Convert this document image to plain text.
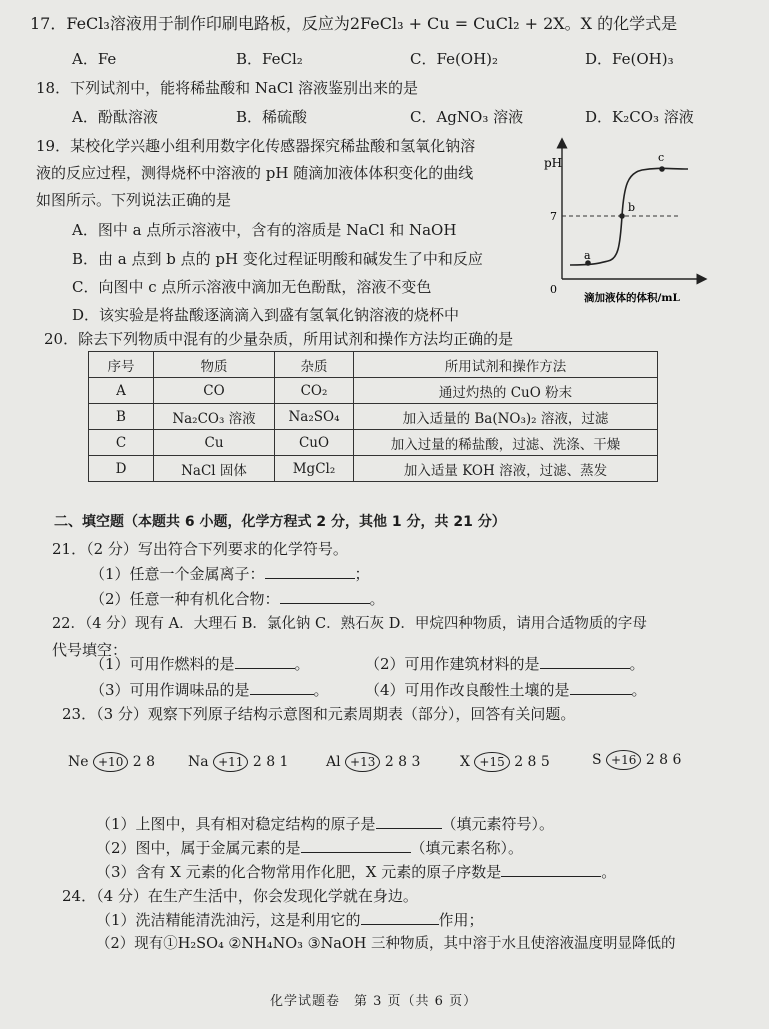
17．FeCl₃溶液用于制作印刷电路板，反应为2FeCl₃ + Cu = CuCl₂ + 2X。X 的化学式是
A．Fe	B．FeCl₂	C．Fe(OH)₂	D．Fe(OH)₃
18．下列试剂中，能将稀盐酸和 NaCl 溶液鉴别出来的是
A．酚酞溶液	B．稀硫酸	C．AgNO₃ 溶液	D．K₂CO₃ 溶液
19．某校化学兴趣小组利用数字化传感器探究稀盐酸和氢氧化钠溶
液的反应过程，测得烧杯中溶液的 pH 随滴加液体体积变化的曲线
如图所示。下列说法正确的是
A．图中 a 点所示溶液中，含有的溶质是 NaCl 和 NaOH
B．由 a 点到 b 点的 pH 变化过程证明酸和碱发生了中和反应
C．向图中 c 点所示溶液中滴加无色酚酞，溶液不变色
D．该实验是将盐酸逐滴滴入到盛有氢氧化钠溶液的烧杯中
pH
7
0
a
b
c
滴加液体的体积/mL
20．除去下列物质中混有的少量杂质，所用试剂和操作方法均正确的是
序号	物质	杂质	所用试剂和操作方法
A	CO	CO₂	通过灼热的 CuO 粉末
B	Na₂CO₃ 溶液	Na₂SO₄	加入适量的 Ba(NO₃)₂ 溶液，过滤
C	Cu	CuO	加入过量的稀盐酸，过滤、洗涤、干燥
D	NaCl 固体	MgCl₂	加入适量 KOH 溶液，过滤、蒸发
二、填空题（本题共 6 小题，化学方程式 2 分，其他 1 分，共 21 分）
21．（2 分）写出符合下列要求的化学符号。
（1）任意一个金属离子：	；
（2）任意一种有机化合物：	。
22．（4 分）现有 A．大理石 B．氯化钠 C．熟石灰 D．甲烷四种物质，请用合适物质的字母
代号填空：
（1）可用作燃料的是	。	（2）可用作建筑材料的是	。
（3）可用作调味品的是	。 （4）可用作改良酸性土壤的是	。
23．（3 分）观察下列原子结构示意图和元素周期表（部分），回答有关问题。
Ne +10 2 8 Na +11 2 8 1	Al +13 2 8 3	X +15 2 8 5	S +16 2 8 6
（1）上图中，具有相对稳定结构的原子是	（填元素符号）。
（2）图中，属于金属元素的是	（填元素名称）。
（3）含有 X 元素的化合物常用作化肥，X 元素的原子序数是	。
24．（4 分）在生产生活中，你会发现化学就在身边。
（1）洗洁精能清洗油污，这是利用它的	作用；
（2）现有①H₂SO₄ ②NH₄NO₃ ③NaOH 三种物质，其中溶于水且使溶液温度明显降低的
化学试题卷　第 3 页（共 6 页）
